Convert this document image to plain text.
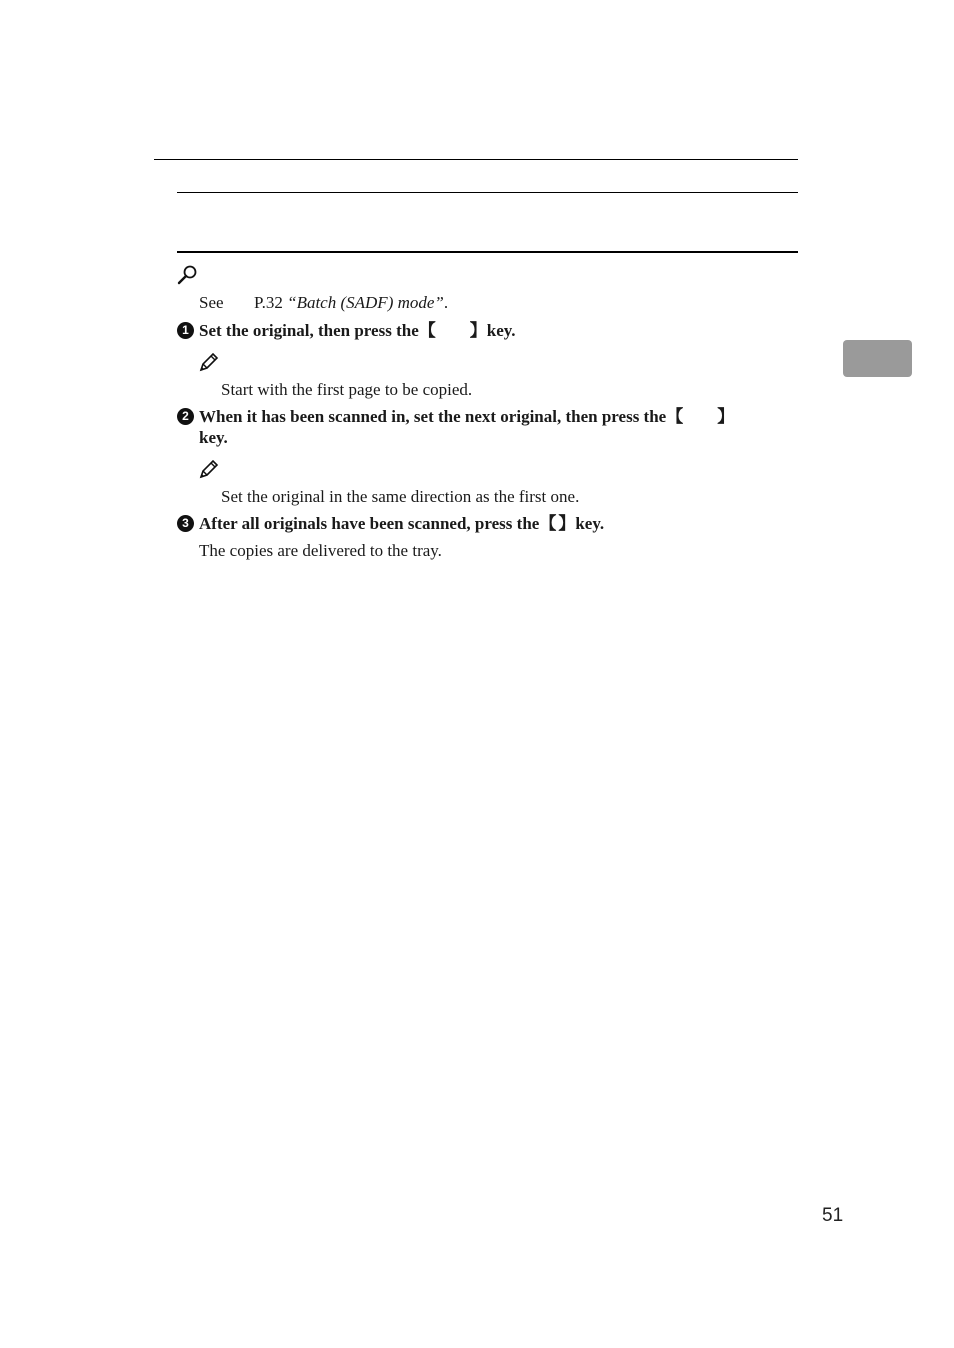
See P.32 “Batch (SADF) mode”.
1 Set the original, then press the【 】key.
Start with the first page to be copied.
2 When it has been scanned in, set the next original, then press the【 】
key.
Set the original in the same direction as the first one.
3 After all originals have been scanned, press the【 】key.
The copies are delivered to the tray.
51
